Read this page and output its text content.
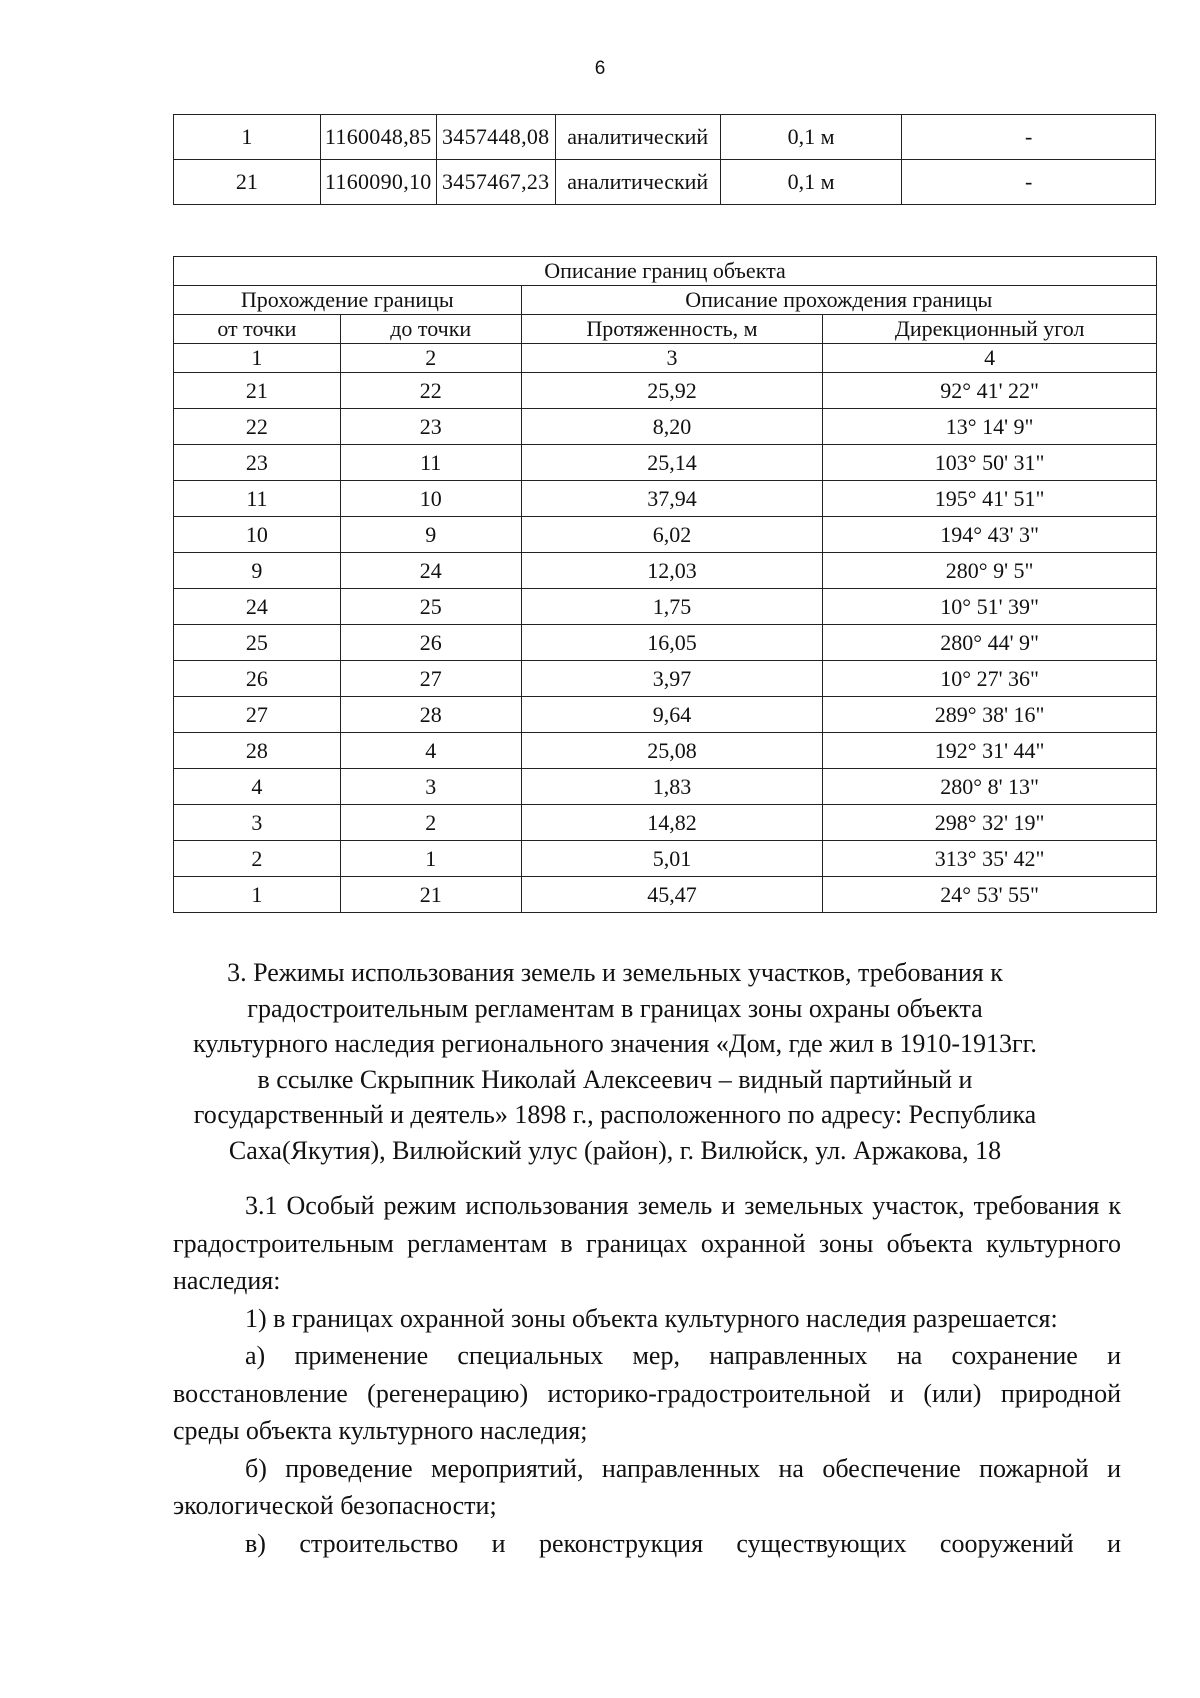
6
1	1160048,85	3457448,08	аналитический	0,1 м	-
21	1160090,10	3457467,23	аналитический	0,1 м	-
Описание границ объекта			
Прохождение границы		Описание прохождения границы	
от точки	до точки	Протяженность, м	Дирекционный угол
1	2	3	4
21	22	25,92	92° 41' 22"
22	23	8,20	13° 14' 9"
23	11	25,14	103° 50' 31"
11	10	37,94	195° 41' 51"
10	9	6,02	194° 43' 3"
9	24	12,03	280° 9' 5"
24	25	1,75	10° 51' 39"
25	26	16,05	280° 44' 9"
26	27	3,97	10° 27' 36"
27	28	9,64	289° 38' 16"
28	4	25,08	192° 31' 44"
4	3	1,83	280° 8' 13"
3	2	14,82	298° 32' 19"
2	1	5,01	313° 35' 42"
1	21	45,47	24° 53' 55"

3. Режимы использования земель и земельных участков, требования к

градостроительным регламентам в границах зоны охраны объекта

культурного наследия регионального значения «Дом, где жил в 1910-1913гг.

в ссылке Скрыпник Николай Алексеевич – видный партийный и

государственный и деятель» 1898 г., расположенного по адресу: Республика

Саха(Якутия), Вилюйский улус (район), г. Вилюйск, ул. Аржакова, 18

3.1 Особый режим использования земель и земельных участок, требования к градостроительным регламентам в границах охранной зоны объекта культурного наследия:

1) в границах охранной зоны объекта культурного наследия разрешается:

а) применение специальных мер, направленных на сохранение и восстановление (регенерацию) историко-градостроительной и (или) природной среды объекта культурного наследия;

б) проведение мероприятий, направленных на обеспечение пожарной и экологической безопасности;

в) строительство и реконструкция существующих сооружений и
